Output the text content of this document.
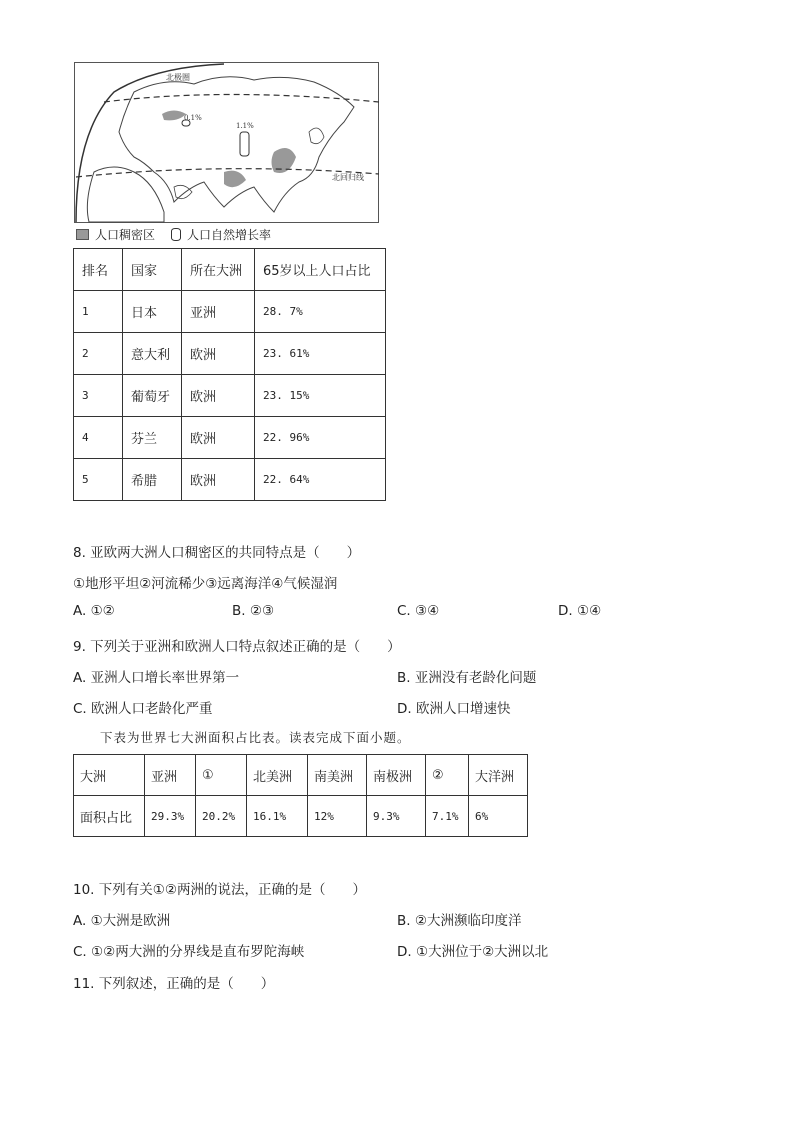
北极圈
北回归线
0.1%
1.1%
人口稠密区	人口自然增长率
排名	国家	所在大洲	65岁以上人口占比
1	日本	亚洲	28. 7%
2	意大利	欧洲	23. 61%
3	葡萄牙	欧洲	23. 15%
4	芬兰	欧洲	22. 96%
5	希腊	欧洲	22. 64%
8. 亚欧两大洲人口稠密区的共同特点是（　　）
①地形平坦②河流稀少③远离海洋④气候湿润
A. ①②	B. ②③	C. ③④	D. ①④
9. 下列关于亚洲和欧洲人口特点叙述正确的是（　　）
A. 亚洲人口增长率世界第一	B. 亚洲没有老龄化问题
C. 欧洲人口老龄化严重	D. 欧洲人口增速快
下表为世界七大洲面积占比表。读表完成下面小题。
大洲	亚洲	①	北美洲	南美洲	南极洲	②	大洋洲
面积占比	29.3%	20.2%	16.1%	12%	9.3%	7.1%	6%
10. 下列有关①②两洲的说法，正确的是（　　）
A. ①大洲是欧洲	B. ②大洲濒临印度洋
C. ①②两大洲的分界线是直布罗陀海峡	D. ①大洲位于②大洲以北
11. 下列叙述，正确的是（　　）
